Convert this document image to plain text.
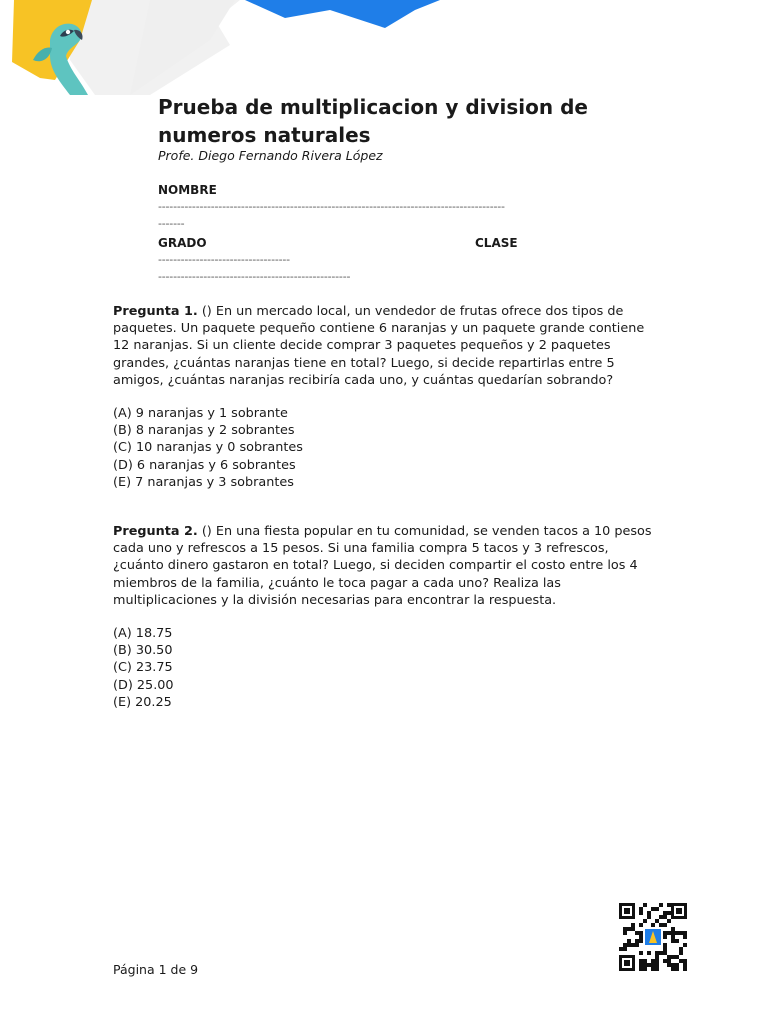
Prueba de multiplicacion y division de numeros naturales
Profe. Diego Fernando Rivera López
NOMBRE
--------------------------------------------------------------------------------------------
-------
GRADO	CLASE
-----------------------------------
---------------------------------------------------

Pregunta 1. () En un mercado local, un vendedor de frutas ofrece dos tipos de paquetes. Un paquete pequeño contiene 6 naranjas y un paquete grande contiene 12 naranjas. Si un cliente decide comprar 3 paquetes pequeños y 2 paquetes grandes, ¿cuántas naranjas tiene en total? Luego, si decide repartirlas entre 5 amigos, ¿cuántas naranjas recibiría cada uno, y cuántas quedarían sobrando?

(A) 9 naranjas y 1 sobrante
(B) 8 naranjas y 2 sobrantes
(C) 10 naranjas y 0 sobrantes
(D) 6 naranjas y 6 sobrantes
(E) 7 naranjas y 3 sobrantes

Pregunta 2. () En una fiesta popular en tu comunidad, se venden tacos a 10 pesos cada uno y refrescos a 15 pesos. Si una familia compra 5 tacos y 3 refrescos, ¿cuánto dinero gastaron en total? Luego, si deciden compartir el costo entre los 4 miembros de la familia, ¿cuánto le toca pagar a cada uno? Realiza las multiplicaciones y la división necesarias para encontrar la respuesta.

(A) 18.75
(B) 30.50
(C) 23.75
(D) 25.00
(E) 20.25
Página 1 de 9
